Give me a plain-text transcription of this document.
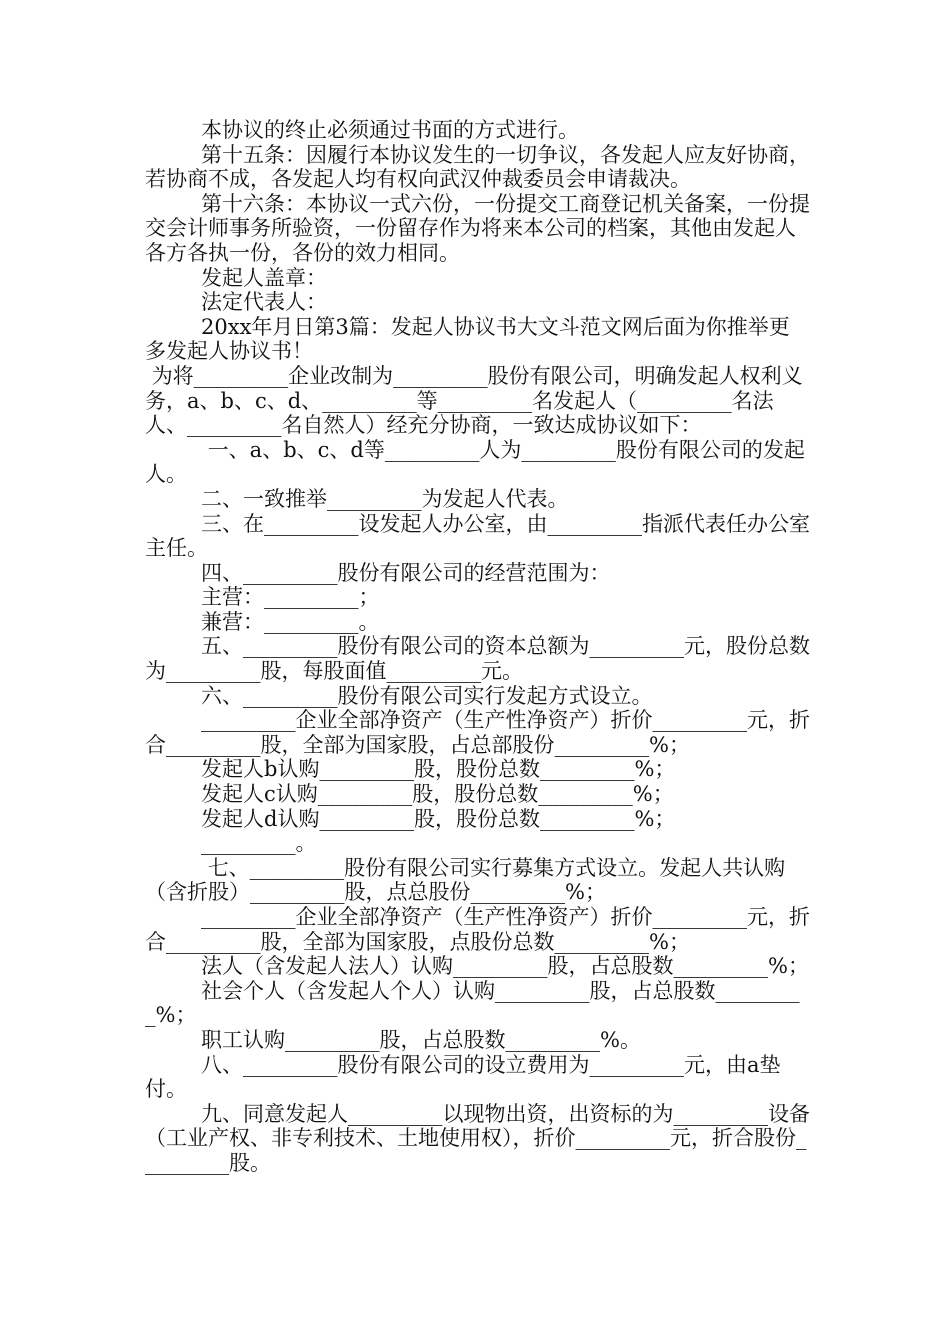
本协议的终止必须通过书面的方式进行。

第十五条：因履行本协议发生的一切争议，各发起人应友好协商，若协商不成，各发起人均有权向武汉仲裁委员会申请裁决。

第十六条：本协议一式六份，一份提交工商登记机关备案，一份提交会计师事务所验资，一份留存作为将来本公司的档案，其他由发起人各方各执一份，各份的效力相同。

发起人盖章：

法定代表人：

20xx年月日第3篇：发起人协议书大文斗范文网后面为你推举更多发起人协议书！

为将_________企业改制为_________股份有限公司，明确发起人权利义务，a、b、c、d、_________等_________名发起人（_________名法人、_________名自然人）经充分协商，一致达成协议如下：

一、a、b、c、d等_________人为_________股份有限公司的发起人。

二、一致推举_________为发起人代表。

三、在_________设发起人办公室，由_________指派代表任办公室主任。

四、_________股份有限公司的经营范围为：

主营：_________；

兼营：_________。

五、_________股份有限公司的资本总额为_________元，股份总数为_________股，每股面值_________元。

六、_________股份有限公司实行发起方式设立。

_________企业全部净资产（生产性净资产）折价_________元，折合_________股，全部为国家股，占总部股份_________%；

发起人b认购_________股，股份总数_________%；

发起人c认购_________股，股份总数_________%；

发起人d认购_________股，股份总数_________%；

_________。

七、_________股份有限公司实行募集方式设立。发起人共认购（含折股）_________股，点总股份_________%；

_________企业全部净资产（生产性净资产）折价_________元，折合_________股，全部为国家股，点股份总数_________%；

法人（含发起人法人）认购_________股，占总股数_________%；

社会个人（含发起人个人）认购_________股，占总股数_________%；

职工认购_________股，占总股数_________%。

八、_________股份有限公司的设立费用为_________元，由a垫付。

九、同意发起人_________以现物出资，出资标的为_________设备（工业产权、非专利技术、土地使用权），折价_________元，折合股份_________股。
